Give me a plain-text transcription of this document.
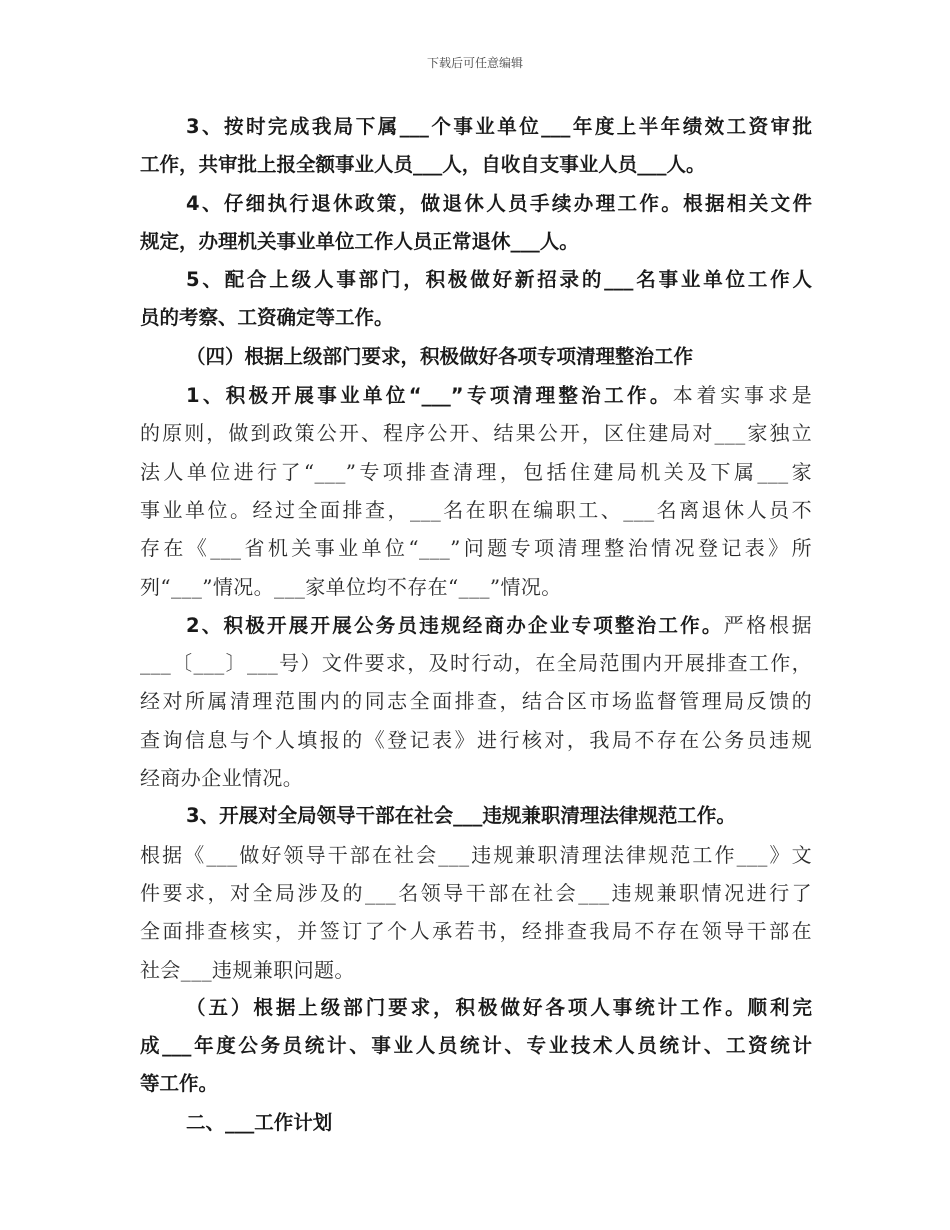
下载后可任意编辑
3、按时完成我局下属___个事业单位___年度上半年绩效工资审批
工作，共审批上报全额事业人员___人，自收自支事业人员___人。
4、仔细执行退休政策，做退休人员手续办理工作。根据相关文件
规定，办理机关事业单位工作人员正常退休___人。
5、配合上级人事部门，积极做好新招录的___名事业单位工作人
员的考察、工资确定等工作。
（四）根据上级部门要求，积极做好各项专项清理整治工作
1、积极开展事业单位“___”专项清理整治工作。本着实事求是
的原则，做到政策公开、程序公开、结果公开，区住建局对___家独立
法人单位进行了“___”专项排查清理，包括住建局机关及下属___家
事业单位。经过全面排查，___名在职在编职工、___名离退休人员不
存在《___省机关事业单位“___”问题专项清理整治情况登记表》所
列“___”情况。___家单位均不存在“___”情况。
2、积极开展开展公务员违规经商办企业专项整治工作。严格根据
___〔___〕___号）文件要求，及时行动，在全局范围内开展排查工作，
经对所属清理范围内的同志全面排查，结合区市场监督管理局反馈的
查询信息与个人填报的《登记表》进行核对，我局不存在公务员违规
经商办企业情况。
3、开展对全局领导干部在社会___违规兼职清理法律规范工作。
根据《___做好领导干部在社会___违规兼职清理法律规范工作___》文
件要求，对全局涉及的___名领导干部在社会___违规兼职情况进行了
全面排查核实，并签订了个人承若书，经排查我局不存在领导干部在
社会___违规兼职问题。
（五）根据上级部门要求，积极做好各项人事统计工作。顺利完
成___年度公务员统计、事业人员统计、专业技术人员统计、工资统计
等工作。
二、___工作计划
